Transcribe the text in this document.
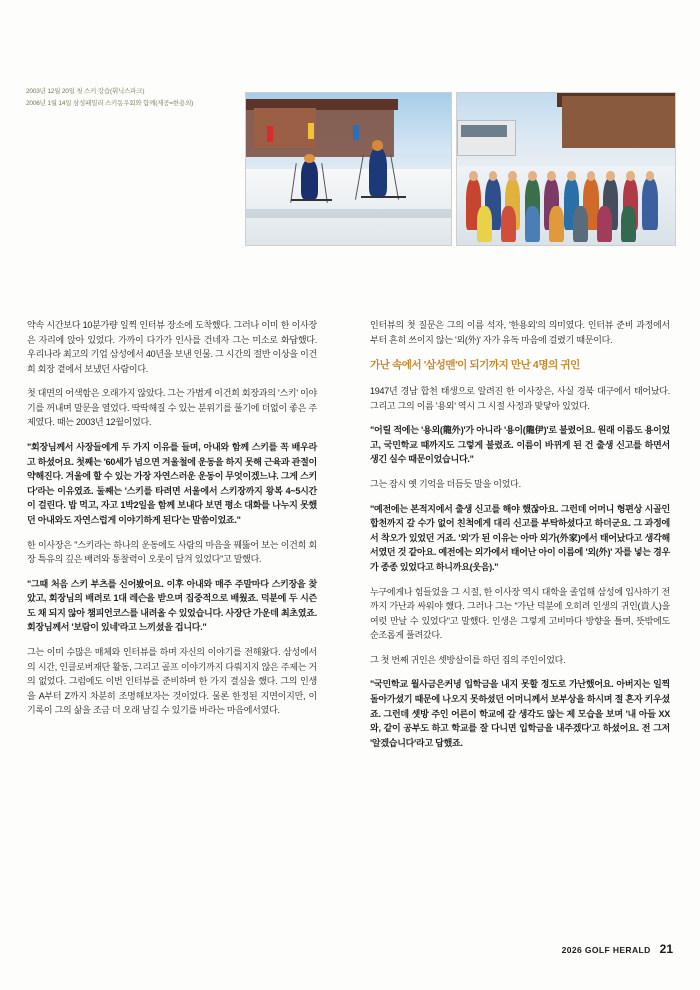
2003년 12월 20일 첫 스키 강습(휘닉스파크)
2006년 1월 14일 삼성패밀리 스키동우회와 함께(제공=한용외)

약속 시간보다 10분가량 일찍 인터뷰 장소에 도착했다. 그러나 이미 한 이사장은 자리에 앉아 있었다. 가까이 다가가 인사를 건네자 그는 미소로 화답했다. 우리나라 최고의 기업 삼성에서 40년을 보낸 인물. 그 시간의 절반 이상을 이건희 회장 곁에서 보냈던 사람이다.

첫 대면의 어색함은 오래가지 않았다. 그는 가볍게 이건희 회장과의 '스키' 이야기를 꺼내며 말문을 열었다. 딱딱해질 수 있는 분위기를 풀기에 더없이 좋은 주제였다. 때는 2003년 12월이었다.

"회장님께서 사장들에게 두 가지 이유를 들며, 아내와 함께 스키를 꼭 배우라고 하셨어요. 첫째는 '60세가 넘으면 겨울철에 운동을 하지 못해 근육과 관절이 약해진다. 겨울에 할 수 있는 가장 자연스러운 운동이 무엇이겠느냐. 그게 스키다'라는 이유였죠. 둘째는 '스키를 타려면 서울에서 스키장까지 왕복 4~5시간이 걸린다. 밥 먹고, 자고 1박2일을 함께 보내다 보면 평소 대화를 나누지 못했던 아내와도 자연스럽게 이야기하게 된다'는 말씀이었죠."

한 이사장은 "스키라는 하나의 운동에도 사람의 마음을 꿰뚫어 보는 이건희 회장 특유의 깊은 배려와 통찰력이 오롯이 담겨 있었다"고 말했다.

"그때 처음 스키 부츠를 신어봤어요. 이후 아내와 매주 주말마다 스키장을 찾았고, 회장님의 배려로 1대 레슨을 받으며 집중적으로 배웠죠. 덕분에 두 시즌도 채 되지 않아 챔피언코스를 내려올 수 있었습니다. 사장단 가운데 최초였죠. 회장님께서 '보람이 있네'라고 느끼셨을 겁니다."

그는 이미 수많은 매체와 인터뷰를 하며 자신의 이야기를 전해왔다. 삼성에서의 시간, 인클로버재단 활동, 그리고 골프 이야기까지 다뤄지지 않은 주제는 거의 없었다. 그럼에도 이번 인터뷰를 준비하며 한 가지 결심을 했다. 그의 인생을 A부터 Z까지 차분히 조명해보자는 것이었다. 물론 한정된 지면이지만, 이 기록이 그의 삶을 조금 더 오래 남길 수 있기를 바라는 마음에서였다.

인터뷰의 첫 질문은 그의 이름 석자, '한용외'의 의미였다. 인터뷰 준비 과정에서부터 흔히 쓰이지 않는 '외(外)' 자가 유독 마음에 걸렸기 때문이다.

가난 속에서 '삼성맨'이 되기까지 만난 4명의 귀인

1947년 경남 합천 태생으로 알려진 한 이사장은, 사실 경북 대구에서 태어났다. 그리고 그의 이름 '용외' 역시 그 시절 사정과 맞닿아 있었다.

"어릴 적에는 '용외(龍外)'가 아니라 '용이(龍伊)'로 불렸어요. 원래 이름도 용이었고, 국민학교 때까지도 그렇게 불렸죠. 이름이 바뀌게 된 건 출생 신고를 하면서 생긴 실수 때문이었습니다."

그는 잠시 옛 기억을 더듬듯 말을 이었다.

"예전에는 본적지에서 출생 신고를 해야 했잖아요. 그런데 어머니 형편상 시골인 합천까지 갈 수가 없어 친척에게 대리 신고를 부탁하셨다고 하더군요. 그 과정에서 착오가 있었던 거죠. '외'가 된 이유는 아마 외가(外家)에서 태어났다고 생각해서였던 것 같아요. 예전에는 외가에서 태어난 아이 이름에 '외(外)' 자를 넣는 경우가 종종 있었다고 하니까요(웃음)."

누구에게나 힘들었을 그 시절, 한 이사장 역시 대학을 졸업해 삼성에 입사하기 전까지 가난과 싸워야 했다. 그러나 그는 "가난 덕분에 오히려 인생의 귀인(貴人)을 여럿 만날 수 있었다"고 말했다. 인생은 그렇게 고비마다 방향을 틀며, 뜻밖에도 순조롭게 풀려갔다.

그 첫 번째 귀인은 셋방살이를 하던 집의 주인이었다.

"국민학교 월사금은커녕 입학금을 내지 못할 정도로 가난했어요. 아버지는 일찍 돌아가셨기 때문에 나오지 못하셨던 어머니께서 보부상을 하시며 절 혼자 키우셨죠. 그런데 셋방 주인 어른이 학교에 갈 생각도 않는 제 모습을 보며 '내 아들 XX와, 같이 공부도 하고 학교를 잘 다니면 입학금을 내주겠다'고 하셨어요. 전 그저 '알겠습니다'라고 답했죠.

2026 GOLF HERALD 21
